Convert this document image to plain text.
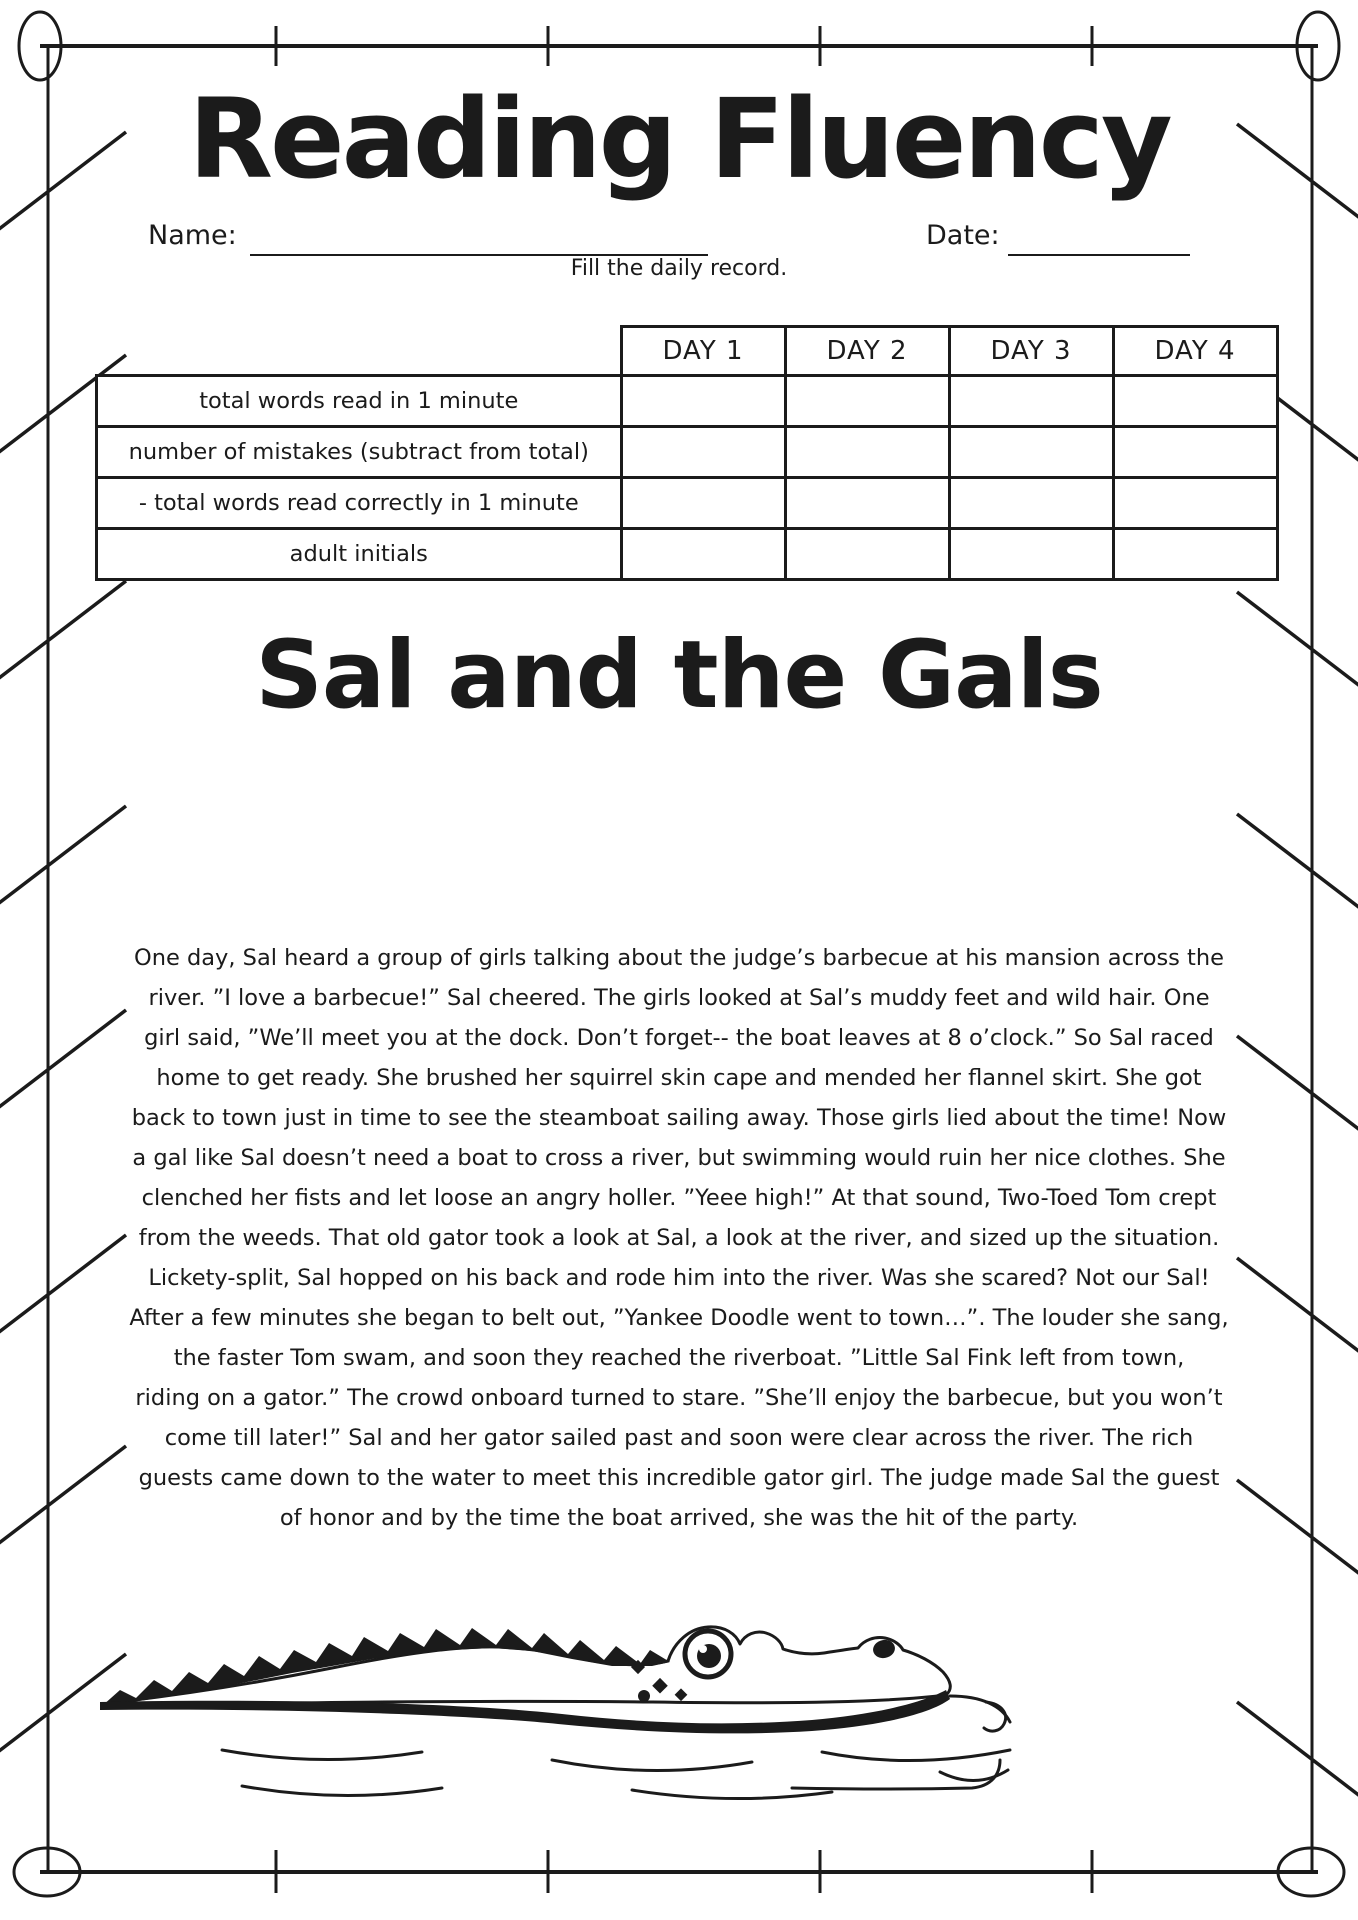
Reading Fluency
Name:	Date:
Fill the daily record.
	DAY 1	DAY 2	DAY 3	DAY 4
total words read in 1 minute				
number of mistakes (subtract from total)				
- total words read correctly in 1 minute				
adult initials				
Sal and the Gals
One day, Sal heard a group of girls talking about the judge’s barbecue at his mansion across the
river. ”I love a barbecue!” Sal cheered. The girls looked at Sal’s muddy feet and wild hair. One
girl said, ”We’ll meet you at the dock. Don’t forget-- the boat leaves at 8 o’clock.” So Sal raced
home to get ready. She brushed her squirrel skin cape and mended her flannel skirt. She got
back to town just in time to see the steamboat sailing away. Those girls lied about the time! Now
a gal like Sal doesn’t need a boat to cross a river, but swimming would ruin her nice clothes. She
clenched her fists and let loose an angry holler. ”Yeee high!” At that sound, Two-Toed Tom crept
from the weeds. That old gator took a look at Sal, a look at the river, and sized up the situation.
Lickety-split, Sal hopped on his back and rode him into the river. Was she scared? Not our Sal!
After a few minutes she began to belt out, ”Yankee Doodle went to town…”. The louder she sang,
the faster Tom swam, and soon they reached the riverboat. ”Little Sal Fink left from town,
riding on a gator.” The crowd onboard turned to stare. ”She’ll enjoy the barbecue, but you won’t
come till later!” Sal and her gator sailed past and soon were clear across the river. The rich
guests came down to the water to meet this incredible gator girl. The judge made Sal the guest
of honor and by the time the boat arrived, she was the hit of the party.
